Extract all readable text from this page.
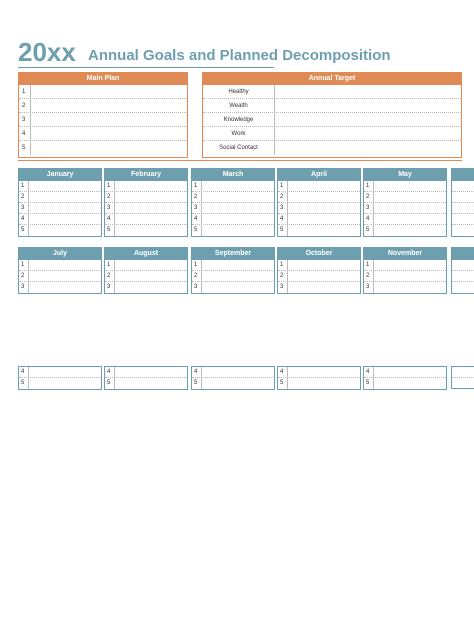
20xx Annual Goals and Planned Decomposition
Main Plan
1
2
3
4
5
Annual Target
Healthy
Wealth
Knowledge
Work
Social Contact
January
1
2
3
4
5
February
1
2
3
4
5
March
1
2
3
4
5
April
1
2
3
4
5
May
1
2
3
4
5
July
1
2
3
August
1
2
3
September
1
2
3
October
1
2
3
November
1
2
3
4
5
4
5
4
5
4
5
4
5
